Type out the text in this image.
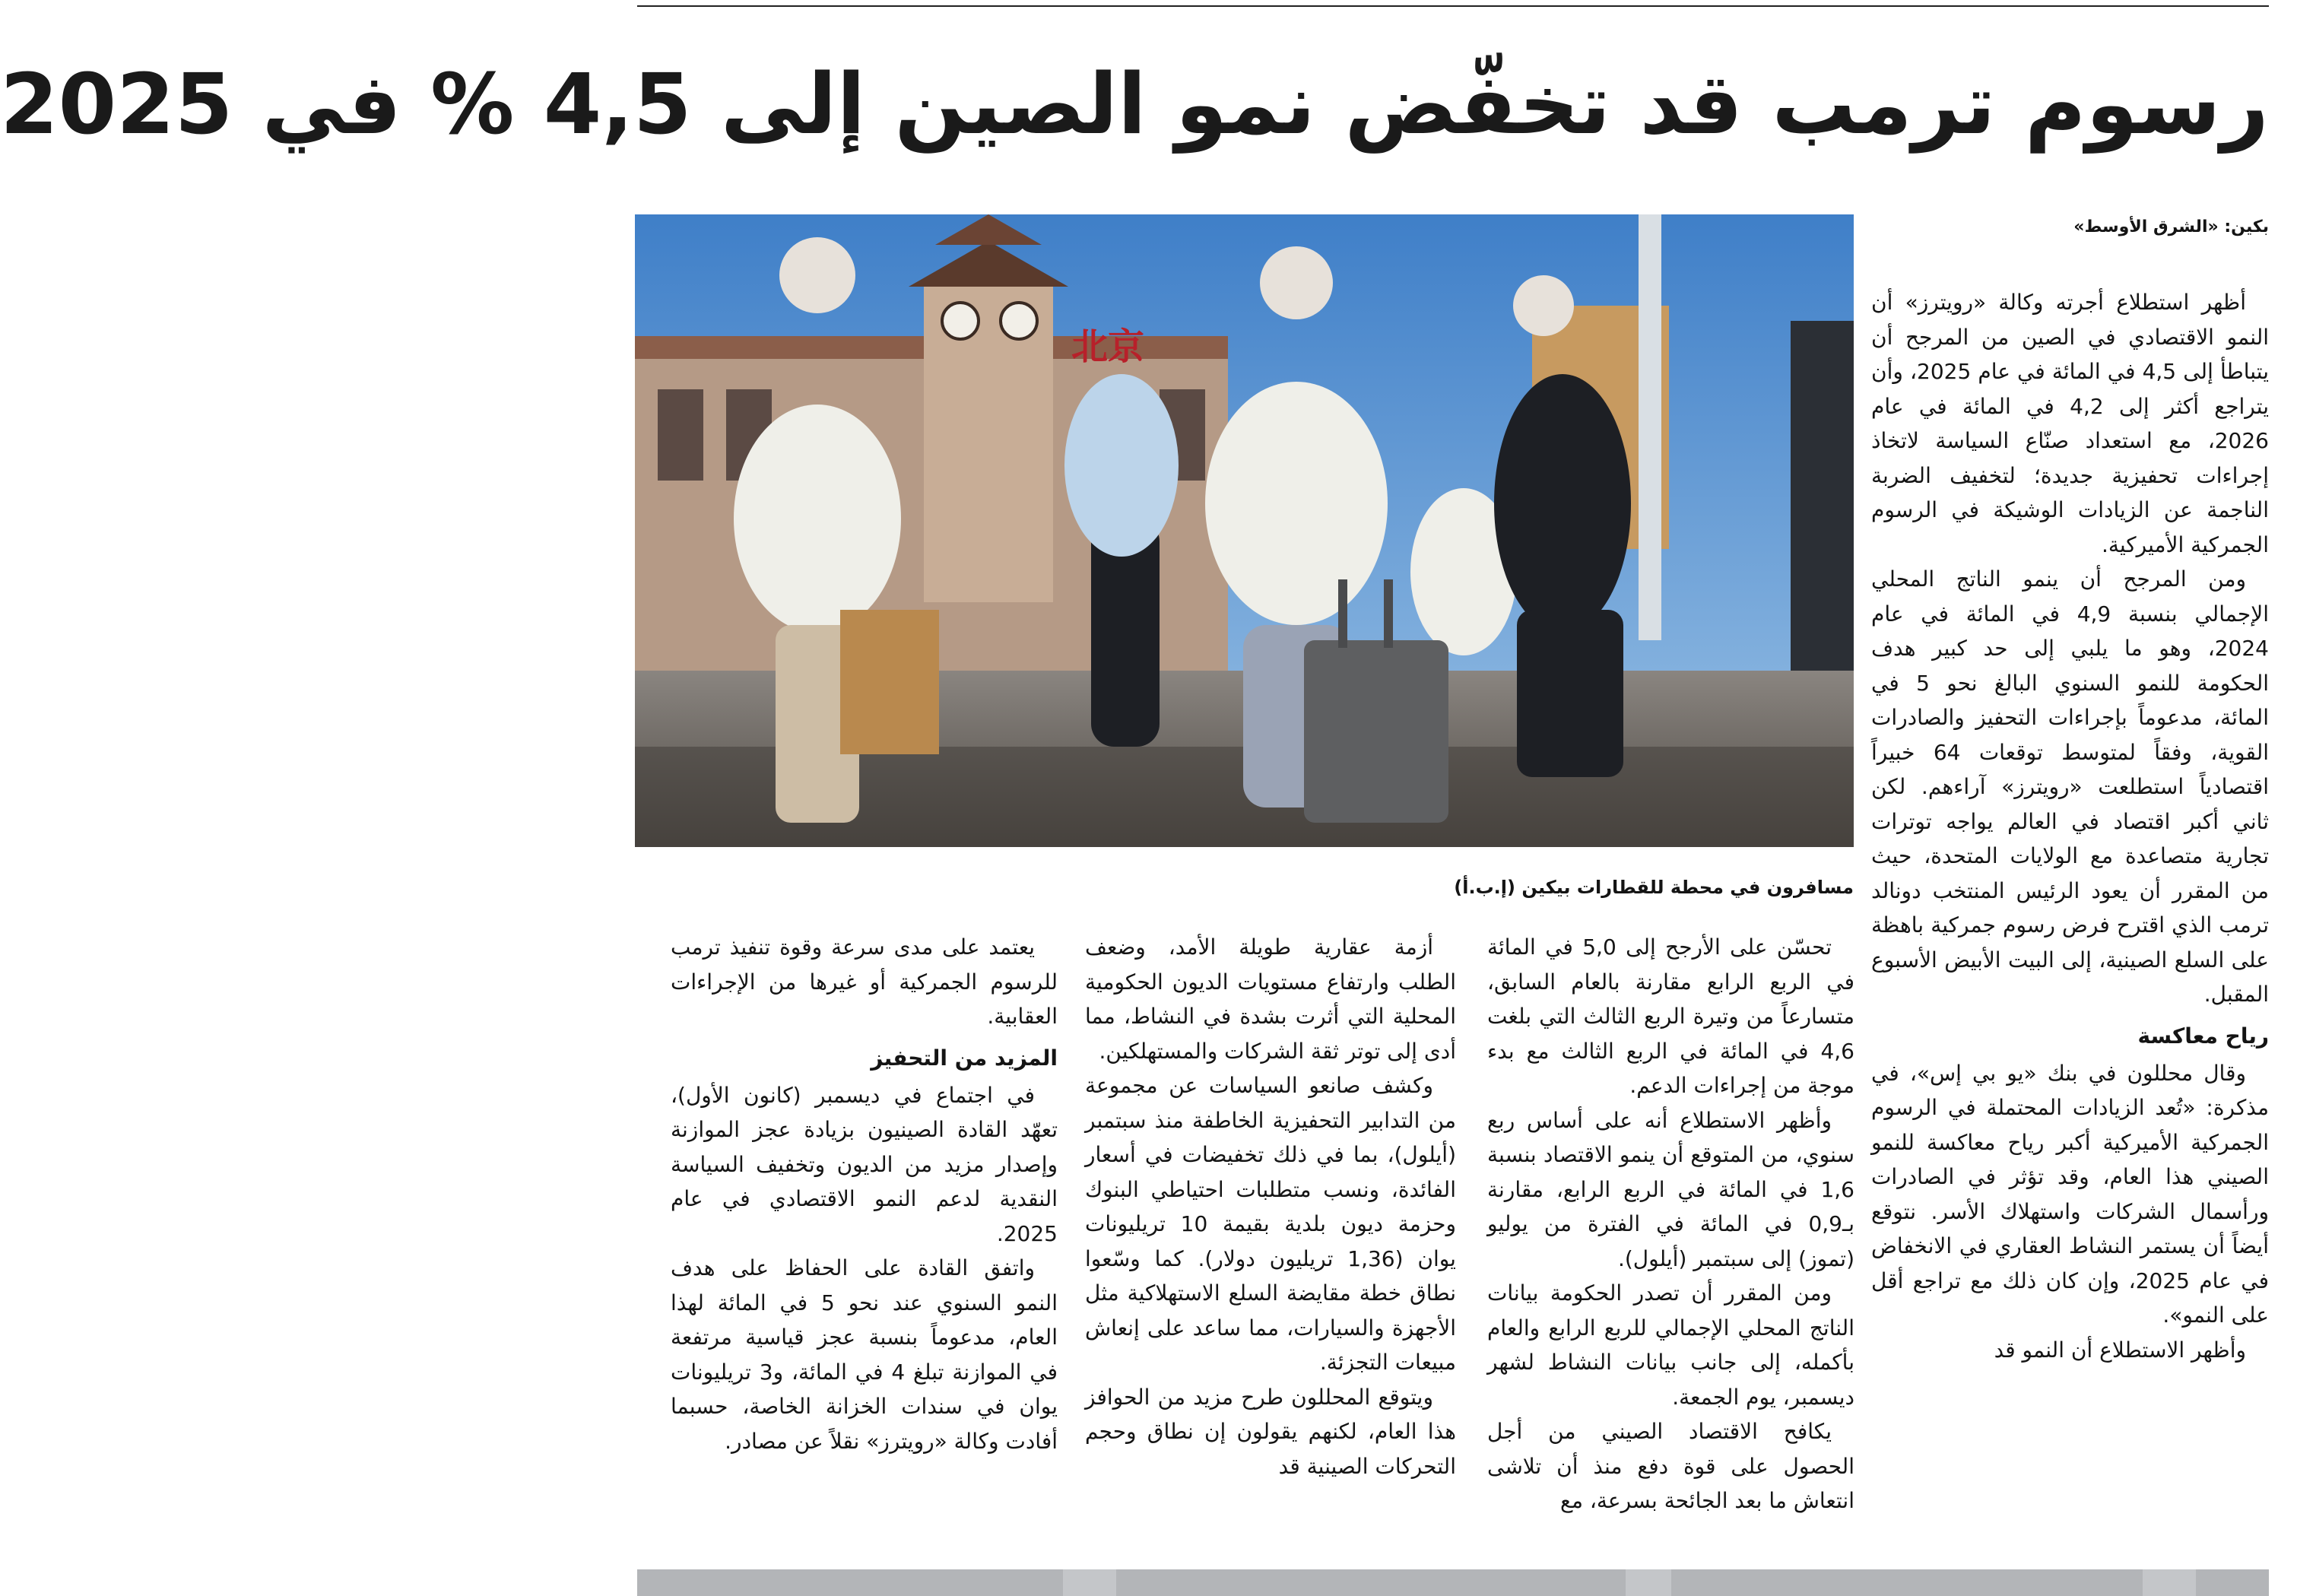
رسوم ترمب قد تخفّض نمو الصين إلى 4,5 % في 2025
北京
مسافرون في محطة للقطارات بيكين (إ.ب.أ)
بكين: «الشرق الأوسط»

أظهر استطلاع أجرته وكالة «رويترز» أن النمو الاقتصادي في الصين من المرجح أن يتباطأ إلى 4,5 في المائة في عام 2025، وأن يتراجع أكثر إلى 4,2 في المائة في عام 2026، مع استعداد صنّاع السياسة لاتخاذ إجراءات تحفيزية جديدة؛ لتخفيف الضربة الناجمة عن الزيادات الوشيكة في الرسوم الجمركية الأميركية.

ومن المرجح أن ينمو الناتج المحلي الإجمالي بنسبة 4,9 في المائة في عام 2024، وهو ما يلبي إلى حد كبير هدف الحكومة للنمو السنوي البالغ نحو 5 في المائة، مدعوماً بإجراءات التحفيز والصادرات القوية، وفقاً لمتوسط توقعات 64 خبيراً اقتصادياً استطلعت «رويترز» آراءهم. لكن ثاني أكبر اقتصاد في العالم يواجه توترات تجارية متصاعدة مع الولايات المتحدة، حيث من المقرر أن يعود الرئيس المنتخب دونالد ترمب الذي اقترح فرض رسوم جمركية باهظة على السلع الصينية، إلى البيت الأبيض الأسبوع المقبل.

رياح معاكسة

وقال محللون في بنك «يو بي إس»، في مذكرة: «تُعد الزيادات المحتملة في الرسوم الجمركية الأميركية أكبر رياح معاكسة للنمو الصيني هذا العام، وقد تؤثر في الصادرات ورأسمال الشركات واستهلاك الأسر. نتوقع أيضاً أن يستمر النشاط العقاري في الانخفاض في عام 2025، وإن كان ذلك مع تراجع أقل على النمو».

وأظهر الاستطلاع أن النمو قد

تحسّن على الأرجح إلى 5,0 في المائة في الربع الرابع مقارنة بالعام السابق، متسارعاً من وتيرة الربع الثالث التي بلغت 4,6 في المائة في الربع الثالث مع بدء موجة من إجراءات الدعم.

وأظهر الاستطلاع أنه على أساس ربع سنوي، من المتوقع أن ينمو الاقتصاد بنسبة 1,6 في المائة في الربع الرابع، مقارنة بـ0,9 في المائة في الفترة من يوليو (تموز) إلى سبتمبر (أيلول).

ومن المقرر أن تصدر الحكومة بيانات الناتج المحلي الإجمالي للربع الرابع والعام بأكمله، إلى جانب بيانات النشاط لشهر ديسمبر، يوم الجمعة.

يكافح الاقتصاد الصيني من أجل الحصول على قوة دفع منذ أن تلاشى انتعاش ما بعد الجائحة بسرعة، مع

أزمة عقارية طويلة الأمد، وضعف الطلب وارتفاع مستويات الديون الحكومية المحلية التي أثرت بشدة في النشاط، مما أدى إلى توتر ثقة الشركات والمستهلكين.

وكشف صانعو السياسات عن مجموعة من التدابير التحفيزية الخاطفة منذ سبتمبر (أيلول)، بما في ذلك تخفيضات في أسعار الفائدة، ونسب متطلبات احتياطي البنوك وحزمة ديون بلدية بقيمة 10 تريليونات يوان (1,36 تريليون دولار). كما وسّعوا نطاق خطة مقايضة السلع الاستهلاكية مثل الأجهزة والسيارات، مما ساعد على إنعاش مبيعات التجزئة.

ويتوقع المحللون طرح مزيد من الحوافز هذا العام، لكنهم يقولون إن نطاق وحجم التحركات الصينية قد

يعتمد على مدى سرعة وقوة تنفيذ ترمب للرسوم الجمركية أو غيرها من الإجراءات العقابية.

المزيد من التحفيز

في اجتماع في ديسمبر (كانون الأول)، تعهّد القادة الصينيون بزيادة عجز الموازنة وإصدار مزيد من الديون وتخفيف السياسة النقدية لدعم النمو الاقتصادي في عام 2025.

واتفق القادة على الحفاظ على هدف النمو السنوي عند نحو 5 في المائة لهذا العام، مدعوماً بنسبة عجز قياسية مرتفعة في الموازنة تبلغ 4 في المائة، و3 تريليونات يوان في سندات الخزانة الخاصة، حسبما أفادت وكالة «رويترز» نقلاً عن مصادر.
